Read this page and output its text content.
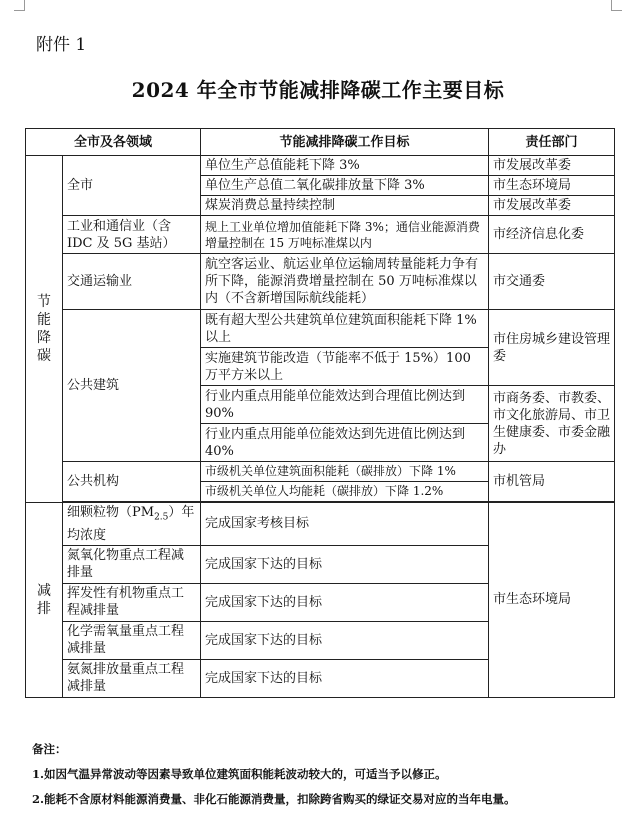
附件 1
2024 年全市节能减排降碳工作主要目标
全市及各领域		节能减排降碳工作目标	责任部门
节能降碳	全市	单位生产总值能耗下降 3%	市发展改革委
		单位生产总值二氧化碳排放量下降 3%	市生态环境局
		煤炭消费总量持续控制	市发展改革委
	工业和通信业（含 IDC 及 5G 基站）	规上工业单位增加值能耗下降 3%；通信业能源消费增量控制在 15 万吨标准煤以内	市经济信息化委
	交通运输业	航空客运业、航运业单位运输周转量能耗力争有所下降，能源消费增量控制在 50 万吨标准煤以内（不含新增国际航线能耗）	市交通委
	公共建筑	既有超大型公共建筑单位建筑面积能耗下降 1%以上	市住房城乡建设管理委
		实施建筑节能改造（节能率不低于 15%）100 万平方米以上	
		行业内重点用能单位能效达到合理值比例达到 90%	市商务委、市教委、市文化旅游局、市卫生健康委、市委金融办
		行业内重点用能单位能效达到先进值比例达到 40%	
	公共机构	市级机关单位建筑面积能耗（碳排放）下降 1%	市机管局
		市级机关单位人均能耗（碳排放）下降 1.2%	

减排	细颗粒物$(PM_{2.5})$年均浓度	完成国家考核目标	市生态环境局
	氮氧化物重点工程减排量	完成国家下达的目标	
	挥发性有机物重点工程减排量	完成国家下达的目标	
	化学需氧量重点工程减排量	完成国家下达的目标	
	氨氮排放量重点工程减排量	完成国家下达的目标	
备注：
1.如因气温异常波动等因素导致单位建筑面积能耗波动较大的，可适当予以修正。
2.能耗不含原材料能源消费量、非化石能源消费量，扣除跨省购买的绿证交易对应的当年电量。
